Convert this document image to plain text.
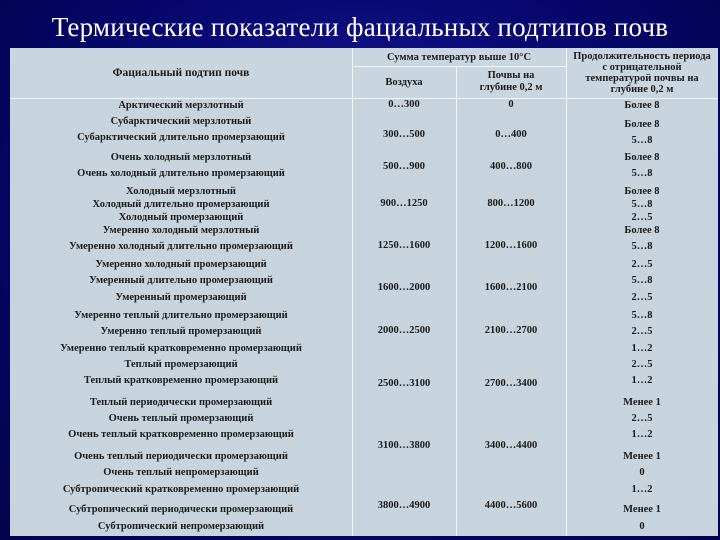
Термические показатели фациальных подтипов почв
Фациальный подтип почв
Сумма температур выше 10°С
Воздуха
Почвы на глубине 0,2 м
Продолжительность периода с отрицательной температурой почвы на глубине 0,2 м
Арктический мерзлотный
Субарктический мерзлотный
Субарктический длительно промерзающий
Очень холодный мерзлотный
Очень холодный длительно промерзающий
Холодный мерзлотный
Холодный длительно промерзающий
Холодный промерзающий
Умеренно холодный мерзлотный
Умеренно холодный длительно промерзающий
Умеренно холодный промерзающий
Умеренный длительно промерзающий
Умеренный промерзающий
Умеренно теплый длительно промерзающий
Умеренно теплый промерзающий
Умеренно теплый кратковременно промерзающий
Теплый промерзающий
Теплый кратковременно промерзающий
Теплый периодически промерзающий
Очень теплый промерзающий
Очень теплый кратковременно промерзающий
Очень теплый периодически промерзающий
Очень теплый непромерзающий
Субтропический кратковременно промерзающий
Субтропический периодически промерзающий
Субтропический непромерзающий
0…300
300…500
500…900
900…1250
1250…1600
1600…2000
2000…2500
2500…3100
3100…3800
3800…4900
0
0…400
400…800
800…1200
1200…1600
1600…2100
2100…2700
2700…3400
3400…4400
4400…5600
Более 8
Более 8
5…8
Более 8
5…8
Более 8
5…8
2…5
Более 8
5…8
2…5
5…8
2…5
5…8
2…5
1…2
2…5
1…2
Менее 1
2…5
1…2
Менее 1
0
1…2
Менее 1
0
